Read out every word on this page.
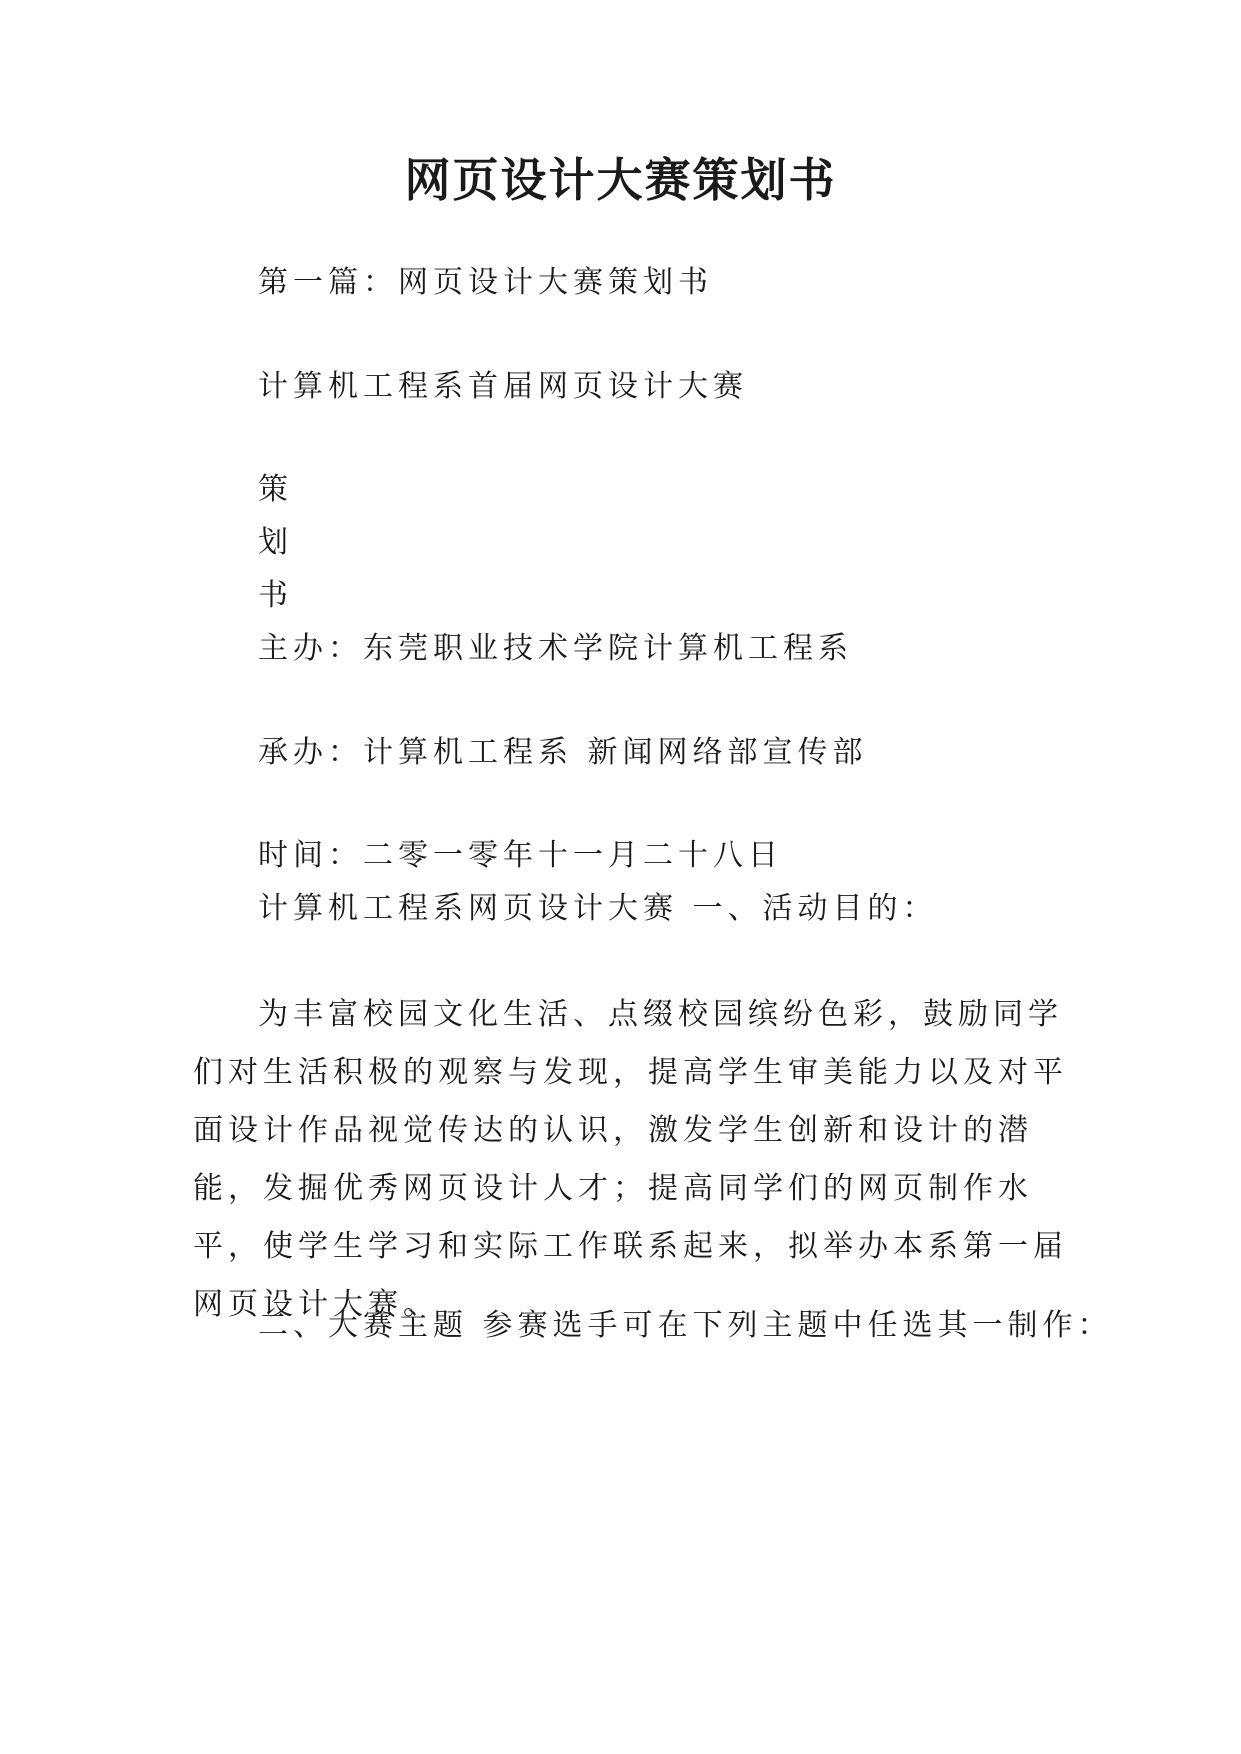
网页设计大赛策划书
第一篇：网页设计大赛策划书
计算机工程系首届网页设计大赛
策
划
书
主办：东莞职业技术学院计算机工程系
承办：计算机工程系 新闻网络部宣传部
时间：二零一零年十一月二十八日
计算机工程系网页设计大赛 一、活动目的：
为丰富校园文化生活、点缀校园缤纷色彩，鼓励同学们对生活积极的观察与发现，提高学生审美能力以及对平面设计作品视觉传达的认识，激发学生创新和设计的潜能，发掘优秀网页设计人才；提高同学们的网页制作水平，使学生学习和实际工作联系起来，拟举办本系第一届网页设计大赛。
二、大赛主题 参赛选手可在下列主题中任选其一制作：
